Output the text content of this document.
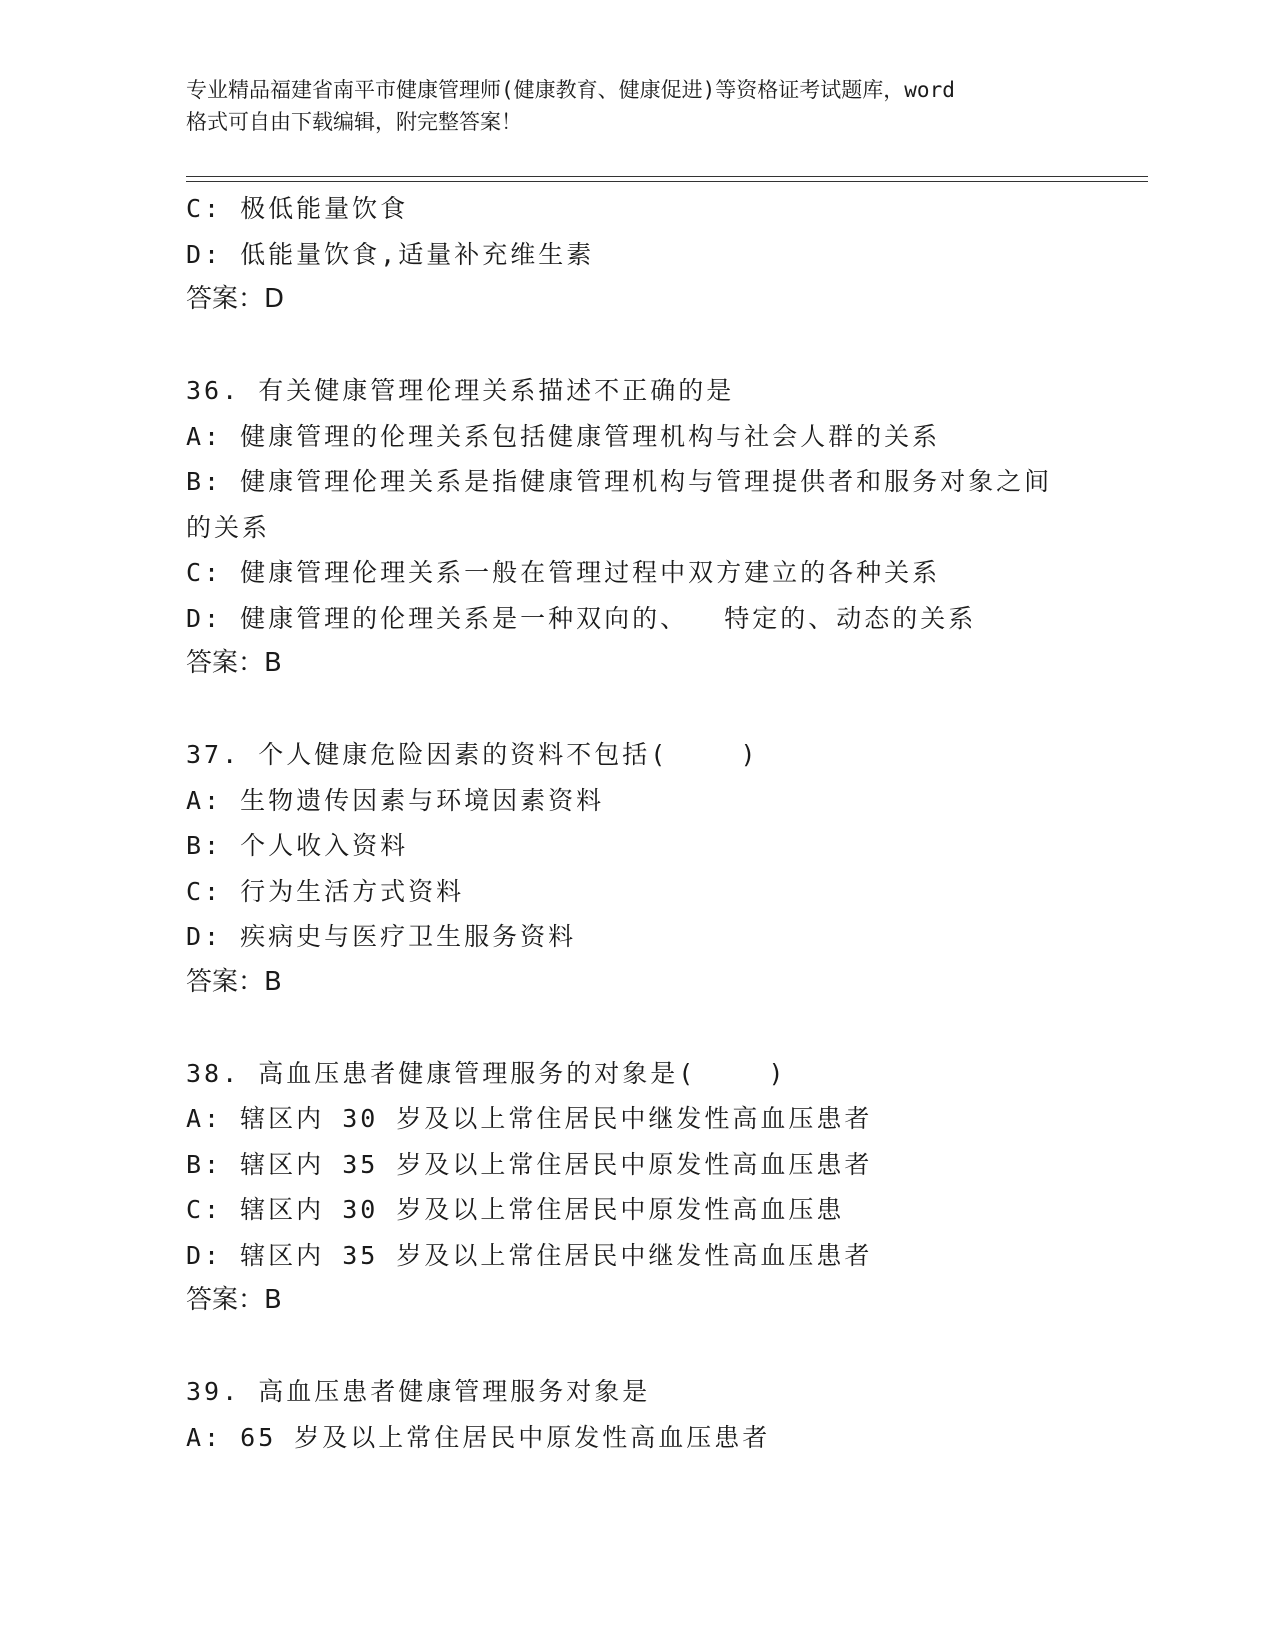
专业精品福建省南平市健康管理师(健康教育、健康促进)等资格证考试题库，word
格式可自由下载编辑，附完整答案！
C: 极低能量饮食
D: 低能量饮食,适量补充维生素
答案：D
36. 有关健康管理伦理关系描述不正确的是
A: 健康管理的伦理关系包括健康管理机构与社会人群的关系
B: 健康管理伦理关系是指健康管理机构与管理提供者和服务对象之间
的关系
C: 健康管理伦理关系一般在管理过程中双方建立的各种关系
D: 健康管理的伦理关系是一种双向的、  特定的、动态的关系
答案：B
37. 个人健康危险因素的资料不包括(    )
A: 生物遗传因素与环境因素资料
B: 个人收入资料
C: 行为生活方式资料
D: 疾病史与医疗卫生服务资料
答案：B
38. 高血压患者健康管理服务的对象是(    )
A: 辖区内 30 岁及以上常住居民中继发性高血压患者
B: 辖区内 35 岁及以上常住居民中原发性高血压患者
C: 辖区内 30 岁及以上常住居民中原发性高血压患
D: 辖区内 35 岁及以上常住居民中继发性高血压患者
答案：B
39. 高血压患者健康管理服务对象是
A: 65 岁及以上常住居民中原发性高血压患者
